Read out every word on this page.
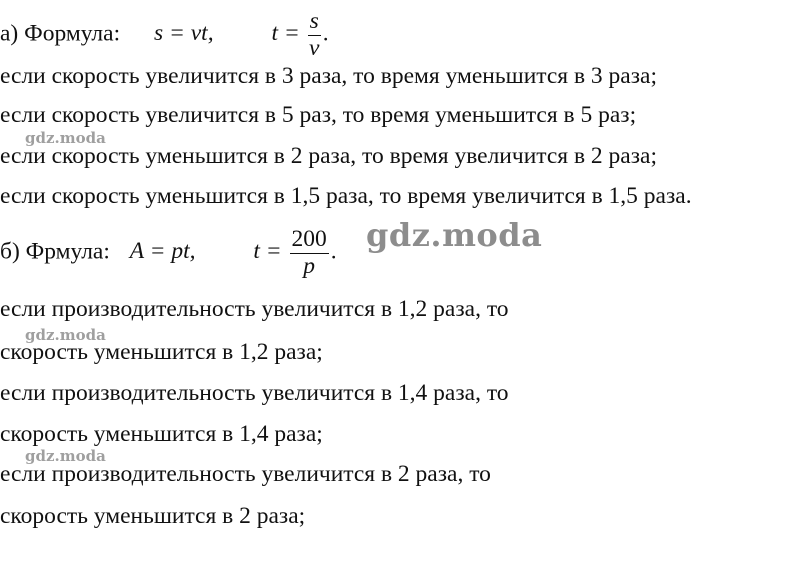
а) Формула: s = vt, $t = \frac{s}{v}$ .
если скорость увеличится в 3 раза, то время уменьшится в 3 раза;
если скорость увеличится в 5 раз, то время уменьшится в 5 раз;
если скорость уменьшится в 2 раза, то время увеличится в 2 раза;
если скорость уменьшится в 1,5 раза, то время увеличится в 1,5 раза.
б) Фрмула: A = pt, $t = \frac{200}{p}$ .
если производительность увеличится в 1,2 раза, то
скорость уменьшится в 1,2 раза;
если производительность увеличится в 1,4 раза, то
скорость уменьшится в 1,4 раза;
если производительность увеличится в 2 раза, то
скорость уменьшится в 2 раза;
gdz.moda
gdz.moda
gdz.moda
gdz.moda
